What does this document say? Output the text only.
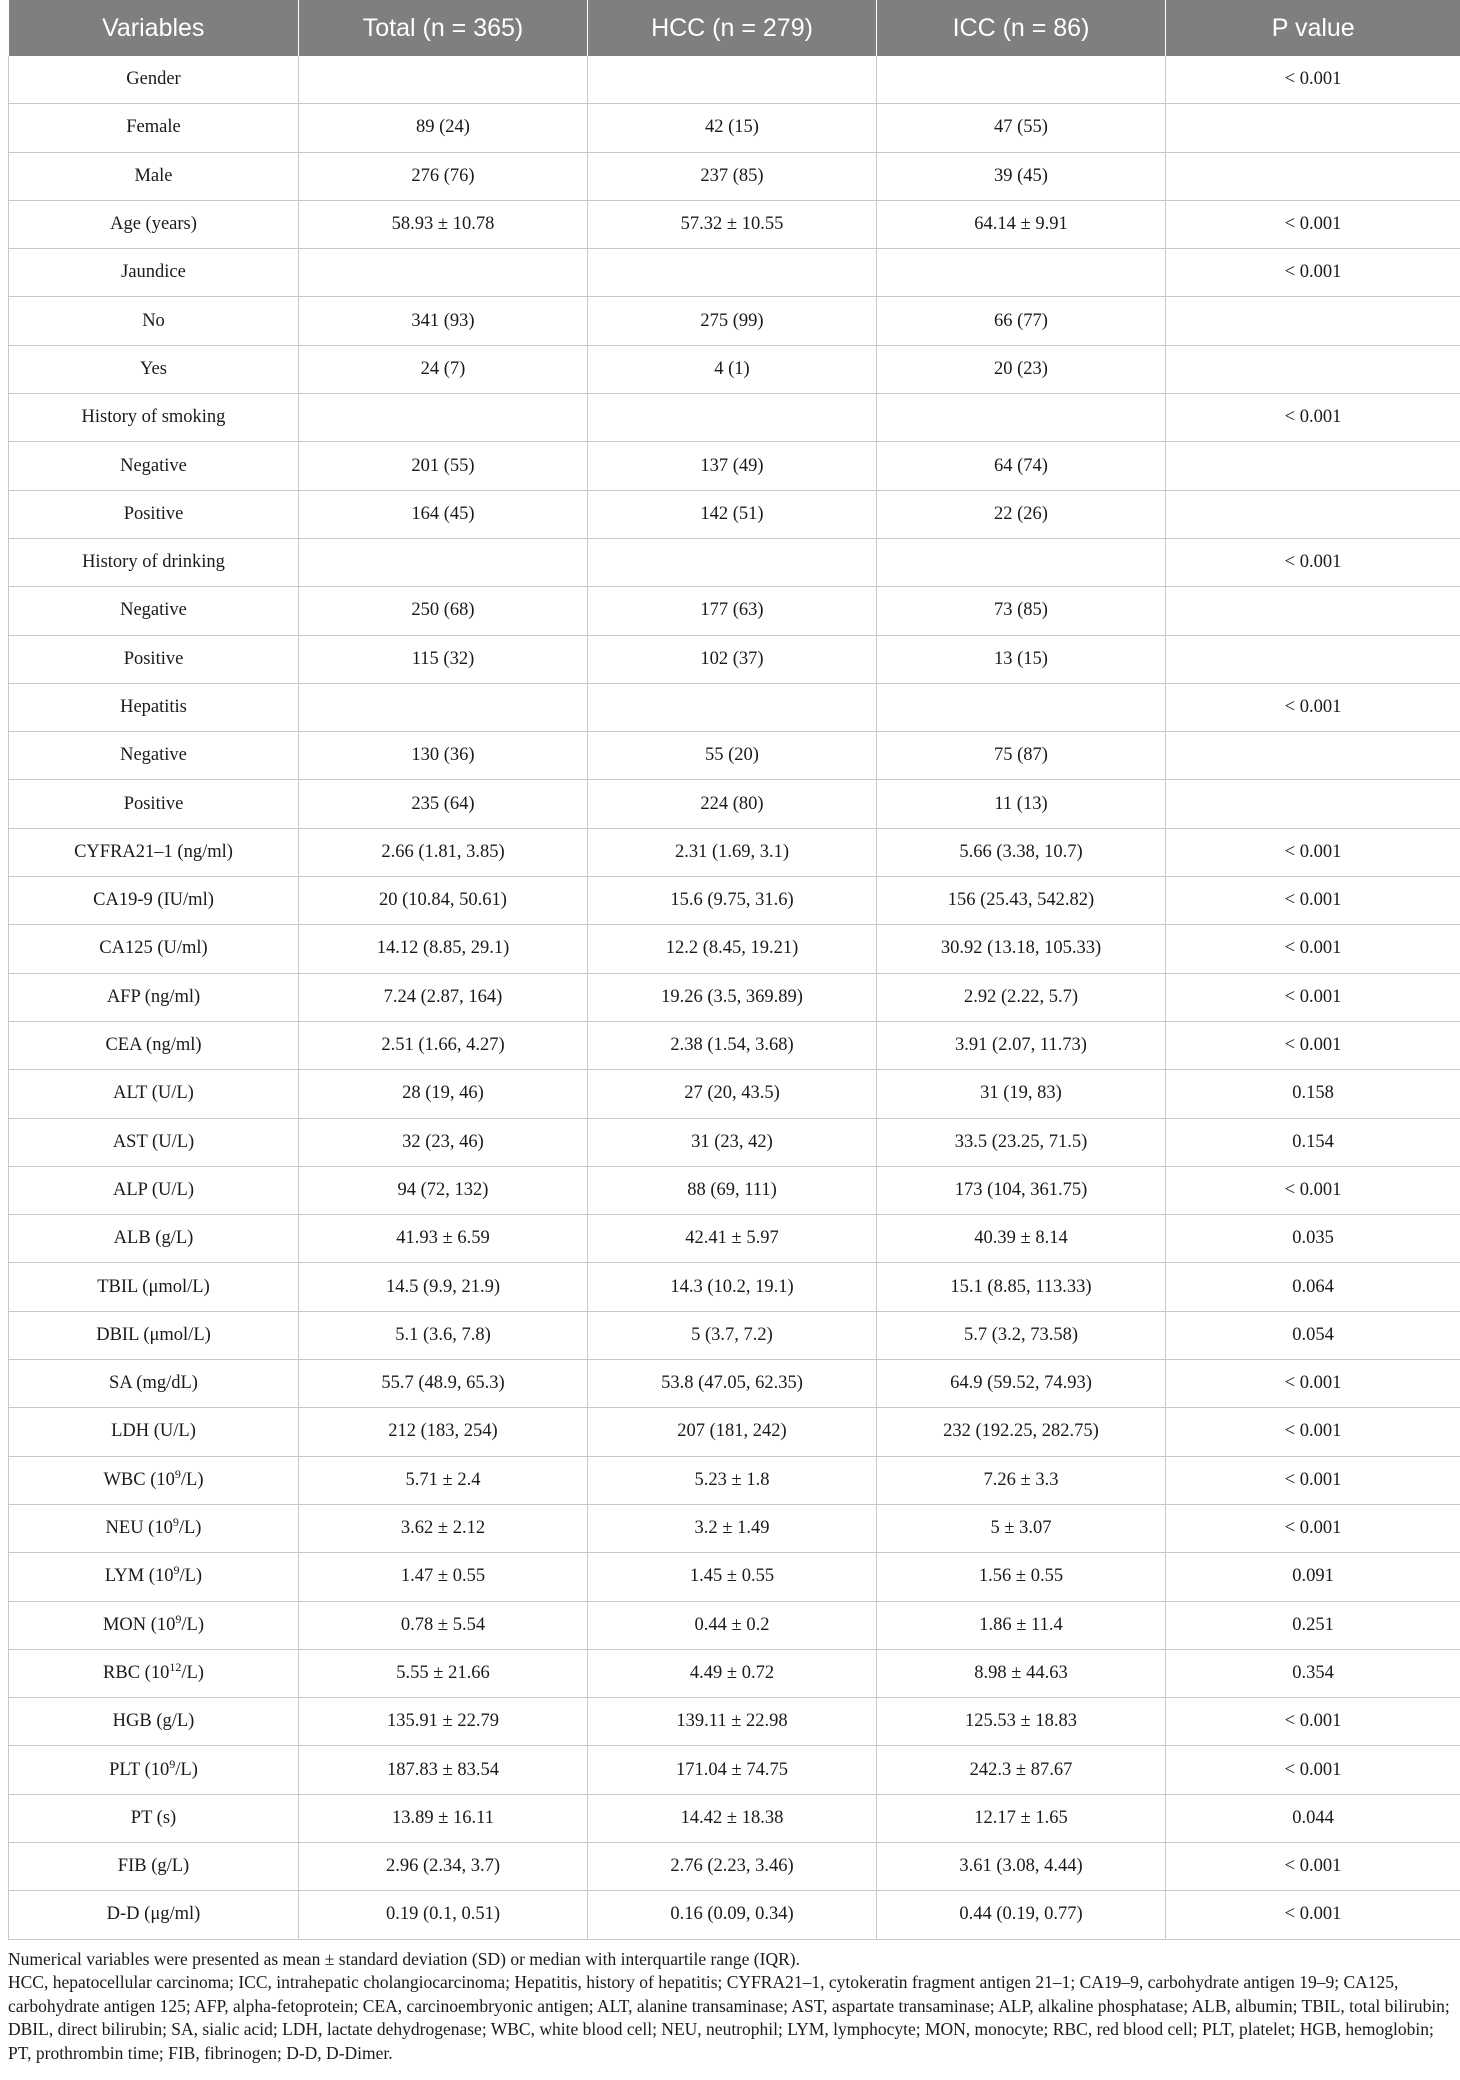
Variables	Total (n = 365)	HCC (n = 279)	ICC (n = 86)	P value
Gender				< 0.001
Female	89 (24)	42 (15)	47 (55)	
Male	276 (76)	237 (85)	39 (45)	
Age (years)	58.93 ± 10.78	57.32 ± 10.55	64.14 ± 9.91	< 0.001
Jaundice				< 0.001
No	341 (93)	275 (99)	66 (77)	
Yes	24 (7)	4 (1)	20 (23)	
History of smoking				< 0.001
Negative	201 (55)	137 (49)	64 (74)	
Positive	164 (45)	142 (51)	22 (26)	
History of drinking				< 0.001
Negative	250 (68)	177 (63)	73 (85)	
Positive	115 (32)	102 (37)	13 (15)	
Hepatitis				< 0.001
Negative	130 (36)	55 (20)	75 (87)	
Positive	235 (64)	224 (80)	11 (13)	
CYFRA21–1 (ng/ml)	2.66 (1.81, 3.85)	2.31 (1.69, 3.1)	5.66 (3.38, 10.7)	< 0.001
CA19-9 (IU/ml)	20 (10.84, 50.61)	15.6 (9.75, 31.6)	156 (25.43, 542.82)	< 0.001
CA125 (U/ml)	14.12 (8.85, 29.1)	12.2 (8.45, 19.21)	30.92 (13.18, 105.33)	< 0.001
AFP (ng/ml)	7.24 (2.87, 164)	19.26 (3.5, 369.89)	2.92 (2.22, 5.7)	< 0.001
CEA (ng/ml)	2.51 (1.66, 4.27)	2.38 (1.54, 3.68)	3.91 (2.07, 11.73)	< 0.001
ALT (U/L)	28 (19, 46)	27 (20, 43.5)	31 (19, 83)	0.158
AST (U/L)	32 (23, 46)	31 (23, 42)	33.5 (23.25, 71.5)	0.154
ALP (U/L)	94 (72, 132)	88 (69, 111)	173 (104, 361.75)	< 0.001
ALB (g/L)	41.93 ± 6.59	42.41 ± 5.97	40.39 ± 8.14	0.035
TBIL (μmol/L)	14.5 (9.9, 21.9)	14.3 (10.2, 19.1)	15.1 (8.85, 113.33)	0.064
DBIL (μmol/L)	5.1 (3.6, 7.8)	5 (3.7, 7.2)	5.7 (3.2, 73.58)	0.054
SA (mg/dL)	55.7 (48.9, 65.3)	53.8 (47.05, 62.35)	64.9 (59.52, 74.93)	< 0.001
LDH (U/L)	212 (183, 254)	207 (181, 242)	232 (192.25, 282.75)	< 0.001
WBC $(10^9/L)$	5.71 ± 2.4	5.23 ± 1.8	7.26 ± 3.3	< 0.001
NEU $(10^9/L)$	3.62 ± 2.12	3.2 ± 1.49	5 ± 3.07	< 0.001
LYM $(10^9/L)$	1.47 ± 0.55	1.45 ± 0.55	1.56 ± 0.55	0.091
MON $(10^9/L)$	0.78 ± 5.54	0.44 ± 0.2	1.86 ± 11.4	0.251
RBC $(10^{12}/L)$	5.55 ± 21.66	4.49 ± 0.72	8.98 ± 44.63	0.354
HGB (g/L)	135.91 ± 22.79	139.11 ± 22.98	125.53 ± 18.83	< 0.001
PLT $(10^9/L)$	187.83 ± 83.54	171.04 ± 74.75	242.3 ± 87.67	< 0.001
PT (s)	13.89 ± 16.11	14.42 ± 18.38	12.17 ± 1.65	0.044
FIB (g/L)	2.96 (2.34, 3.7)	2.76 (2.23, 3.46)	3.61 (3.08, 4.44)	< 0.001
D-D (μg/ml)	0.19 (0.1, 0.51)	0.16 (0.09, 0.34)	0.44 (0.19, 0.77)	< 0.001

Numerical variables were presented as mean ± standard deviation (SD) or median with interquartile range (IQR).

HCC, hepatocellular carcinoma; ICC, intrahepatic cholangiocarcinoma; Hepatitis, history of hepatitis; CYFRA21–1, cytokeratin fragment antigen 21–1; CA19–9, carbohydrate antigen 19–9; CA125, carbohydrate antigen 125; AFP, alpha-fetoprotein; CEA, carcinoembryonic antigen; ALT, alanine transaminase; AST, aspartate transaminase; ALP, alkaline phosphatase; ALB, albumin; TBIL, total bilirubin; DBIL, direct bilirubin; SA, sialic acid; LDH, lactate dehydrogenase; WBC, white blood cell; NEU, neutrophil; LYM, lymphocyte; MON, monocyte; RBC, red blood cell; PLT, platelet; HGB, hemoglobin; PT, prothrombin time; FIB, fibrinogen; D-D, D-Dimer.
